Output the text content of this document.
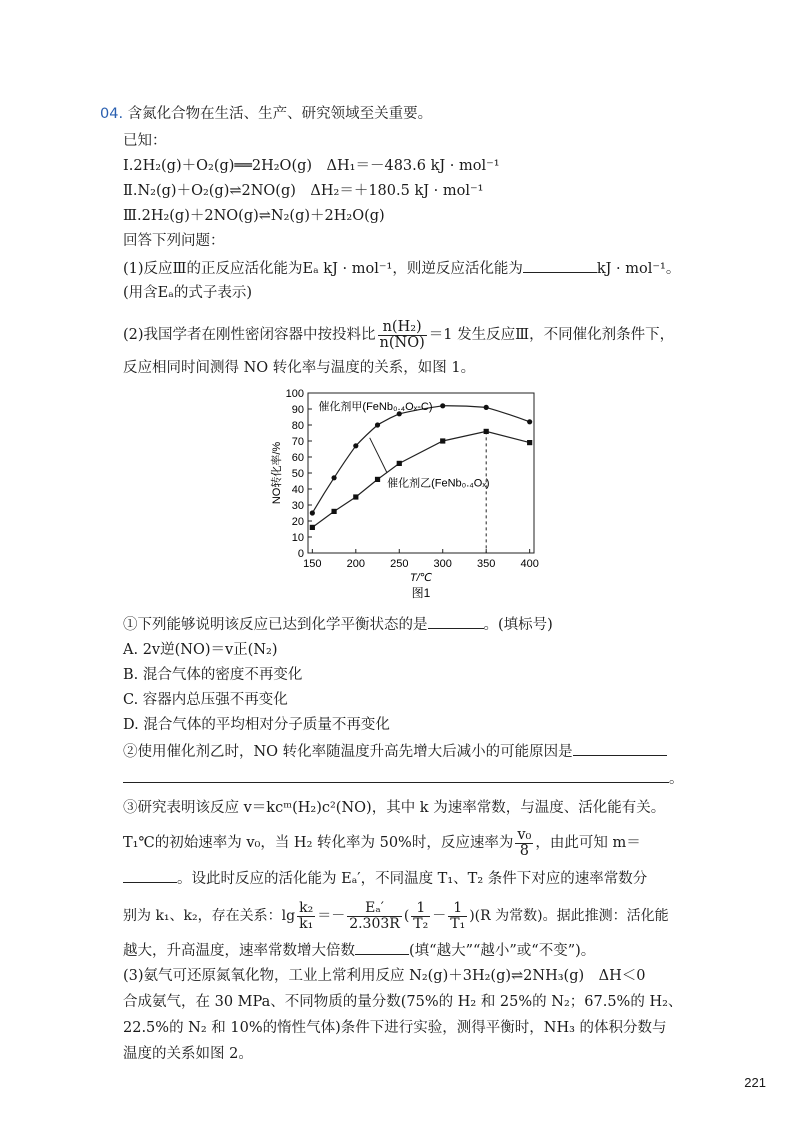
04. 含氮化合物在生活、生产、研究领域至关重要。
已知：
Ⅰ.2H₂(g)＋O₂(g)══2H₂O(g)　ΔH₁＝－483.6 kJ · mol⁻¹
Ⅱ.N₂(g)＋O₂(g)⇌2NO(g)　ΔH₂＝＋180.5 kJ · mol⁻¹
Ⅲ.2H₂(g)＋2NO(g)⇌N₂(g)＋2H₂O(g)
回答下列问题：
(1)反应Ⅲ的正反应活化能为Eₐ kJ · mol⁻¹，则逆反应活化能为	kJ · mol⁻¹。
(用含Eₐ的式子表示)
(2)我国学者在刚性密闭容器中按投料比 $\frac{\text{n(H₂)}}{n(NO)} =1$ 发生反应Ⅲ，不同催化剂条件下，
反应相同时间测得 NO 转化率与温度的关系，如图 1。
0
10
20
30
40
50
60
70
80
90
100
150 200 250 300 350 400
T/℃
NO转化率/%
图1
催化剂甲(FeNb₀.₄Oₓ-C)
催化剂乙(FeNb₀.₄Oₓ)
①下列能够说明该反应已达到化学平衡状态的是	。(填标号)
A. 2v逆(NO)＝v正(N₂)
B. 混合气体的密度不再变化
C. 容器内总压强不再变化
D. 混合气体的平均相对分子质量不再变化
②使用催化剂乙时，NO 转化率随温度升高先增大后减小的可能原因是
。
③研究表明该反应 v＝kcᵐ(H₂)c²(NO)，其中 k 为速率常数，与温度、活化能有关。
T₁℃的初始速率为 v₀，当 H₂ 转化率为 50%时，反应速率为 $\frac{\text{v₀}}{8}$ ，由此可知 m＝
。设此时反应的活化能为 Eₐ′，不同温度 T₁、T₂ 条件下对应的速率常数分
别为 k₁、k₂，存在关系：$\lg \frac{\text{k₂}}{\text{k₁}} =- \frac{\text{Eₐ′}}{2.303R}$ ( $\frac{1}{\text{T₂}} - \frac{1}{\text{T₁}} )(R$ 为常数)。据此推测：活化能
越大，升高温度，速率常数增大倍数	(填“越大”“越小”或“不变”)。
(3)氨气可还原氮氧化物，工业上常利用反应 N₂(g)＋3H₂(g)⇌2NH₃(g)　ΔH＜0
合成氨气，在 30 MPa、不同物质的量分数(75%的 H₂ 和 25%的 N₂；67.5%的 H₂、
22.5%的 N₂ 和 10%的惰性气体)条件下进行实验，测得平衡时，NH₃ 的体积分数与
温度的关系如图 2。
221
